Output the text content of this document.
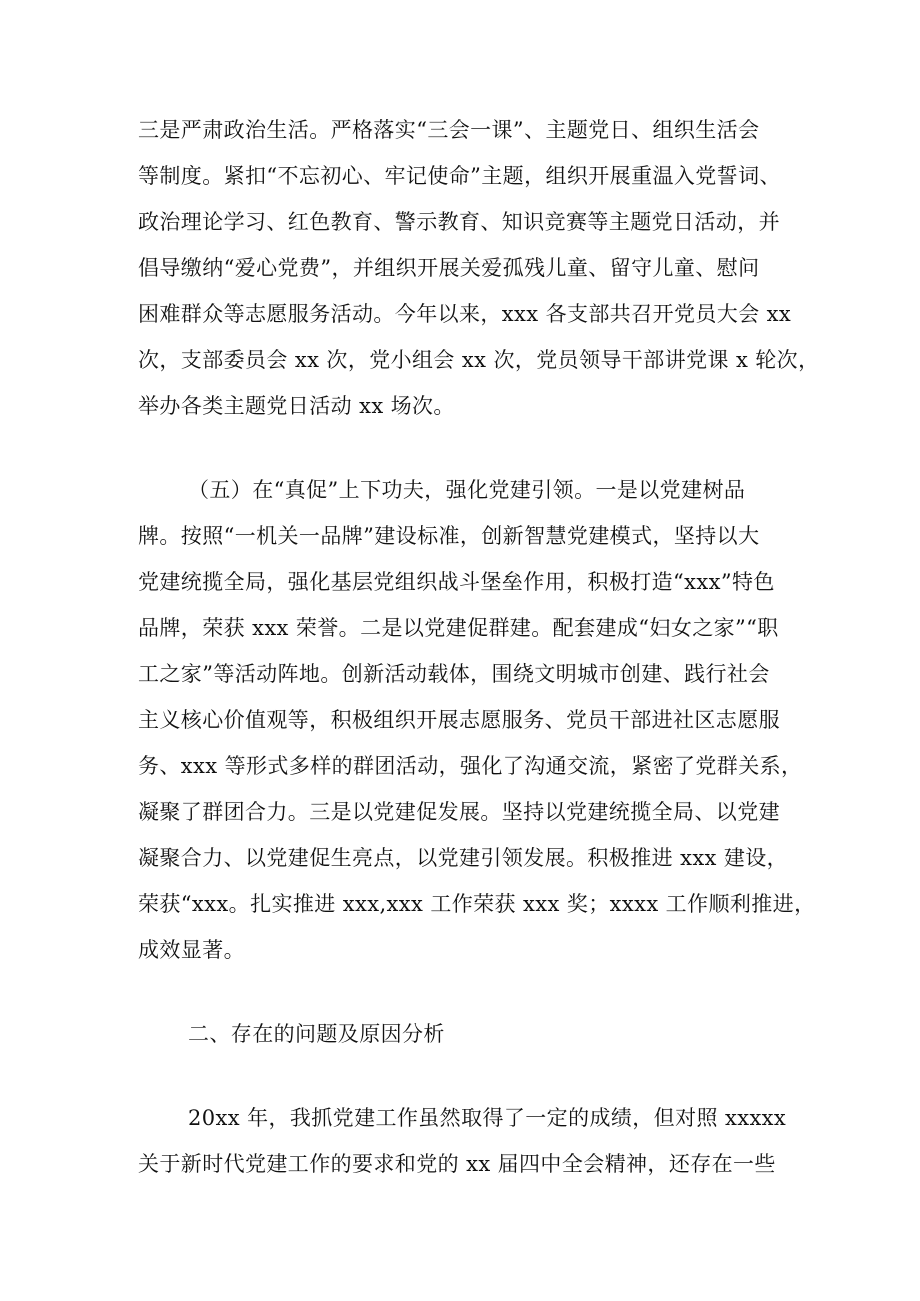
三是严肃政治生活。严格落实“三会一课”、主题党日、组织生活会
等制度。紧扣“不忘初心、牢记使命”主题，组织开展重温入党誓词、
政治理论学习、红色教育、警示教育、知识竞赛等主题党日活动，并
倡导缴纳“爱心党费”，并组织开展关爱孤残儿童、留守儿童、慰问
困难群众等志愿服务活动。今年以来，xxx 各支部共召开党员大会 xx
次，支部委员会 xx 次，党小组会 xx 次，党员领导干部讲党课 x 轮次，
举办各类主题党日活动 xx 场次。
（五）在“真促”上下功夫，强化党建引领。一是以党建树品
牌。按照“一机关一品牌”建设标准，创新智慧党建模式，坚持以大
党建统揽全局，强化基层党组织战斗堡垒作用，积极打造“xxx”特色
品牌，荣获 xxx 荣誉。二是以党建促群建。配套建成“妇女之家”“职
工之家”等活动阵地。创新活动载体，围绕文明城市创建、践行社会
主义核心价值观等，积极组织开展志愿服务、党员干部进社区志愿服
务、xxx 等形式多样的群团活动，强化了沟通交流，紧密了党群关系，
凝聚了群团合力。三是以党建促发展。坚持以党建统揽全局、以党建
凝聚合力、以党建促生亮点，以党建引领发展。积极推进 xxx 建设，
荣获“xxx。扎实推进 xxx,xxx 工作荣获 xxx 奖；xxxx 工作顺利推进，
成效显著。
二、存在的问题及原因分析
20xx 年，我抓党建工作虽然取得了一定的成绩，但对照 xxxxx
关于新时代党建工作的要求和党的 xx 届四中全会精神，还存在一些
